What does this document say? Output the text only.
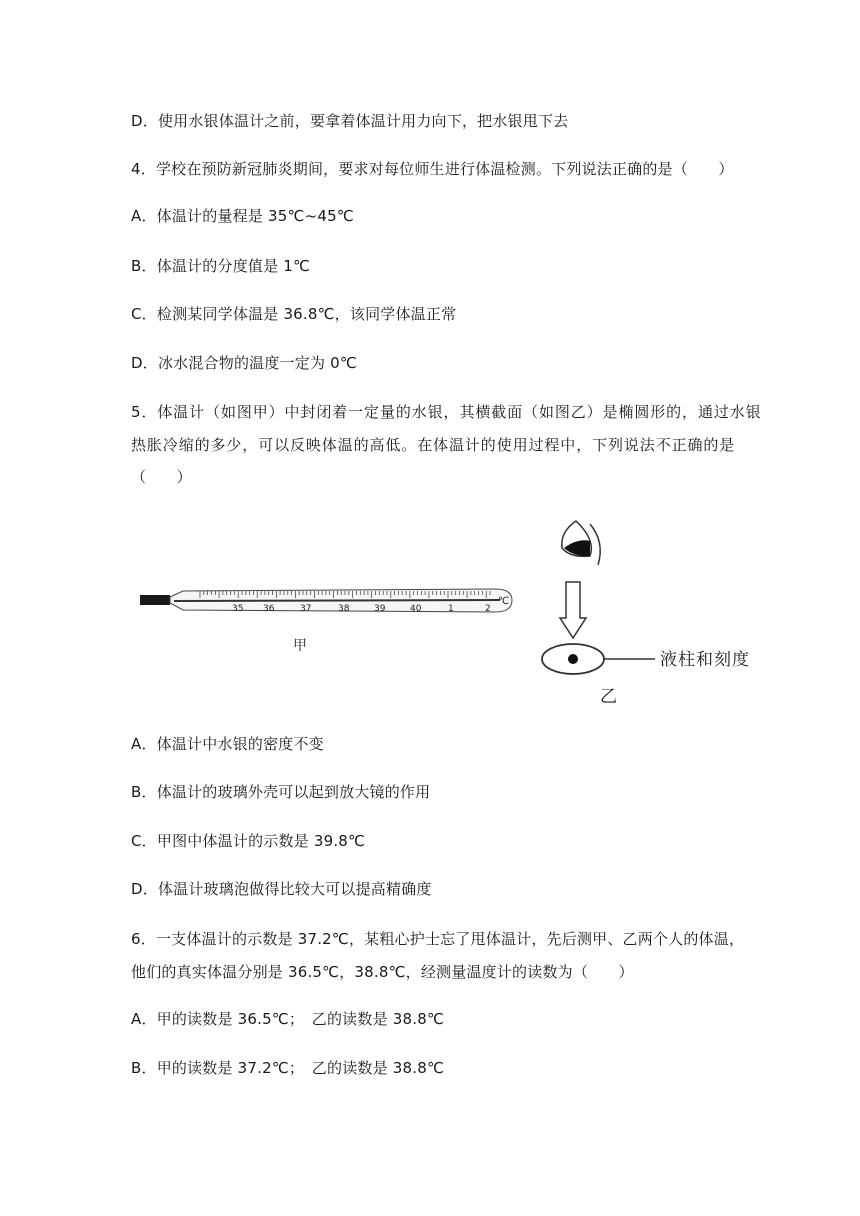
D．使用水银体温计之前，要拿着体温计用力向下，把水银甩下去
4．学校在预防新冠肺炎期间，要求对每位师生进行体温检测。下列说法正确的是（　　）
A．体温计的量程是 35℃~45℃
B．体温计的分度值是 1℃
C．检测某同学体温是 36.8℃，该同学体温正常
D．冰水混合物的温度一定为 0℃
5．体温计（如图甲）中封闭着一定量的水银，其横截面（如图乙）是椭圆形的，通过水银
热胀冷缩的多少，可以反映体温的高低。在体温计的使用过程中，下列说法不正确的是
（　　）
35 36	37	38	39	40	1	2
℃
甲
液柱和刻度
乙
A．体温计中水银的密度不变
B．体温计的玻璃外壳可以起到放大镜的作用
C．甲图中体温计的示数是 39.8℃
D．体温计玻璃泡做得比较大可以提高精确度
6．一支体温计的示数是 37.2℃，某粗心护士忘了甩体温计，先后测甲、乙两个人的体温，
他们的真实体温分别是 36.5℃，38.8℃，经测量温度计的读数为（　　）
A．甲的读数是 36.5℃；　乙的读数是 38.8℃
B．甲的读数是 37.2℃；　乙的读数是 38.8℃
